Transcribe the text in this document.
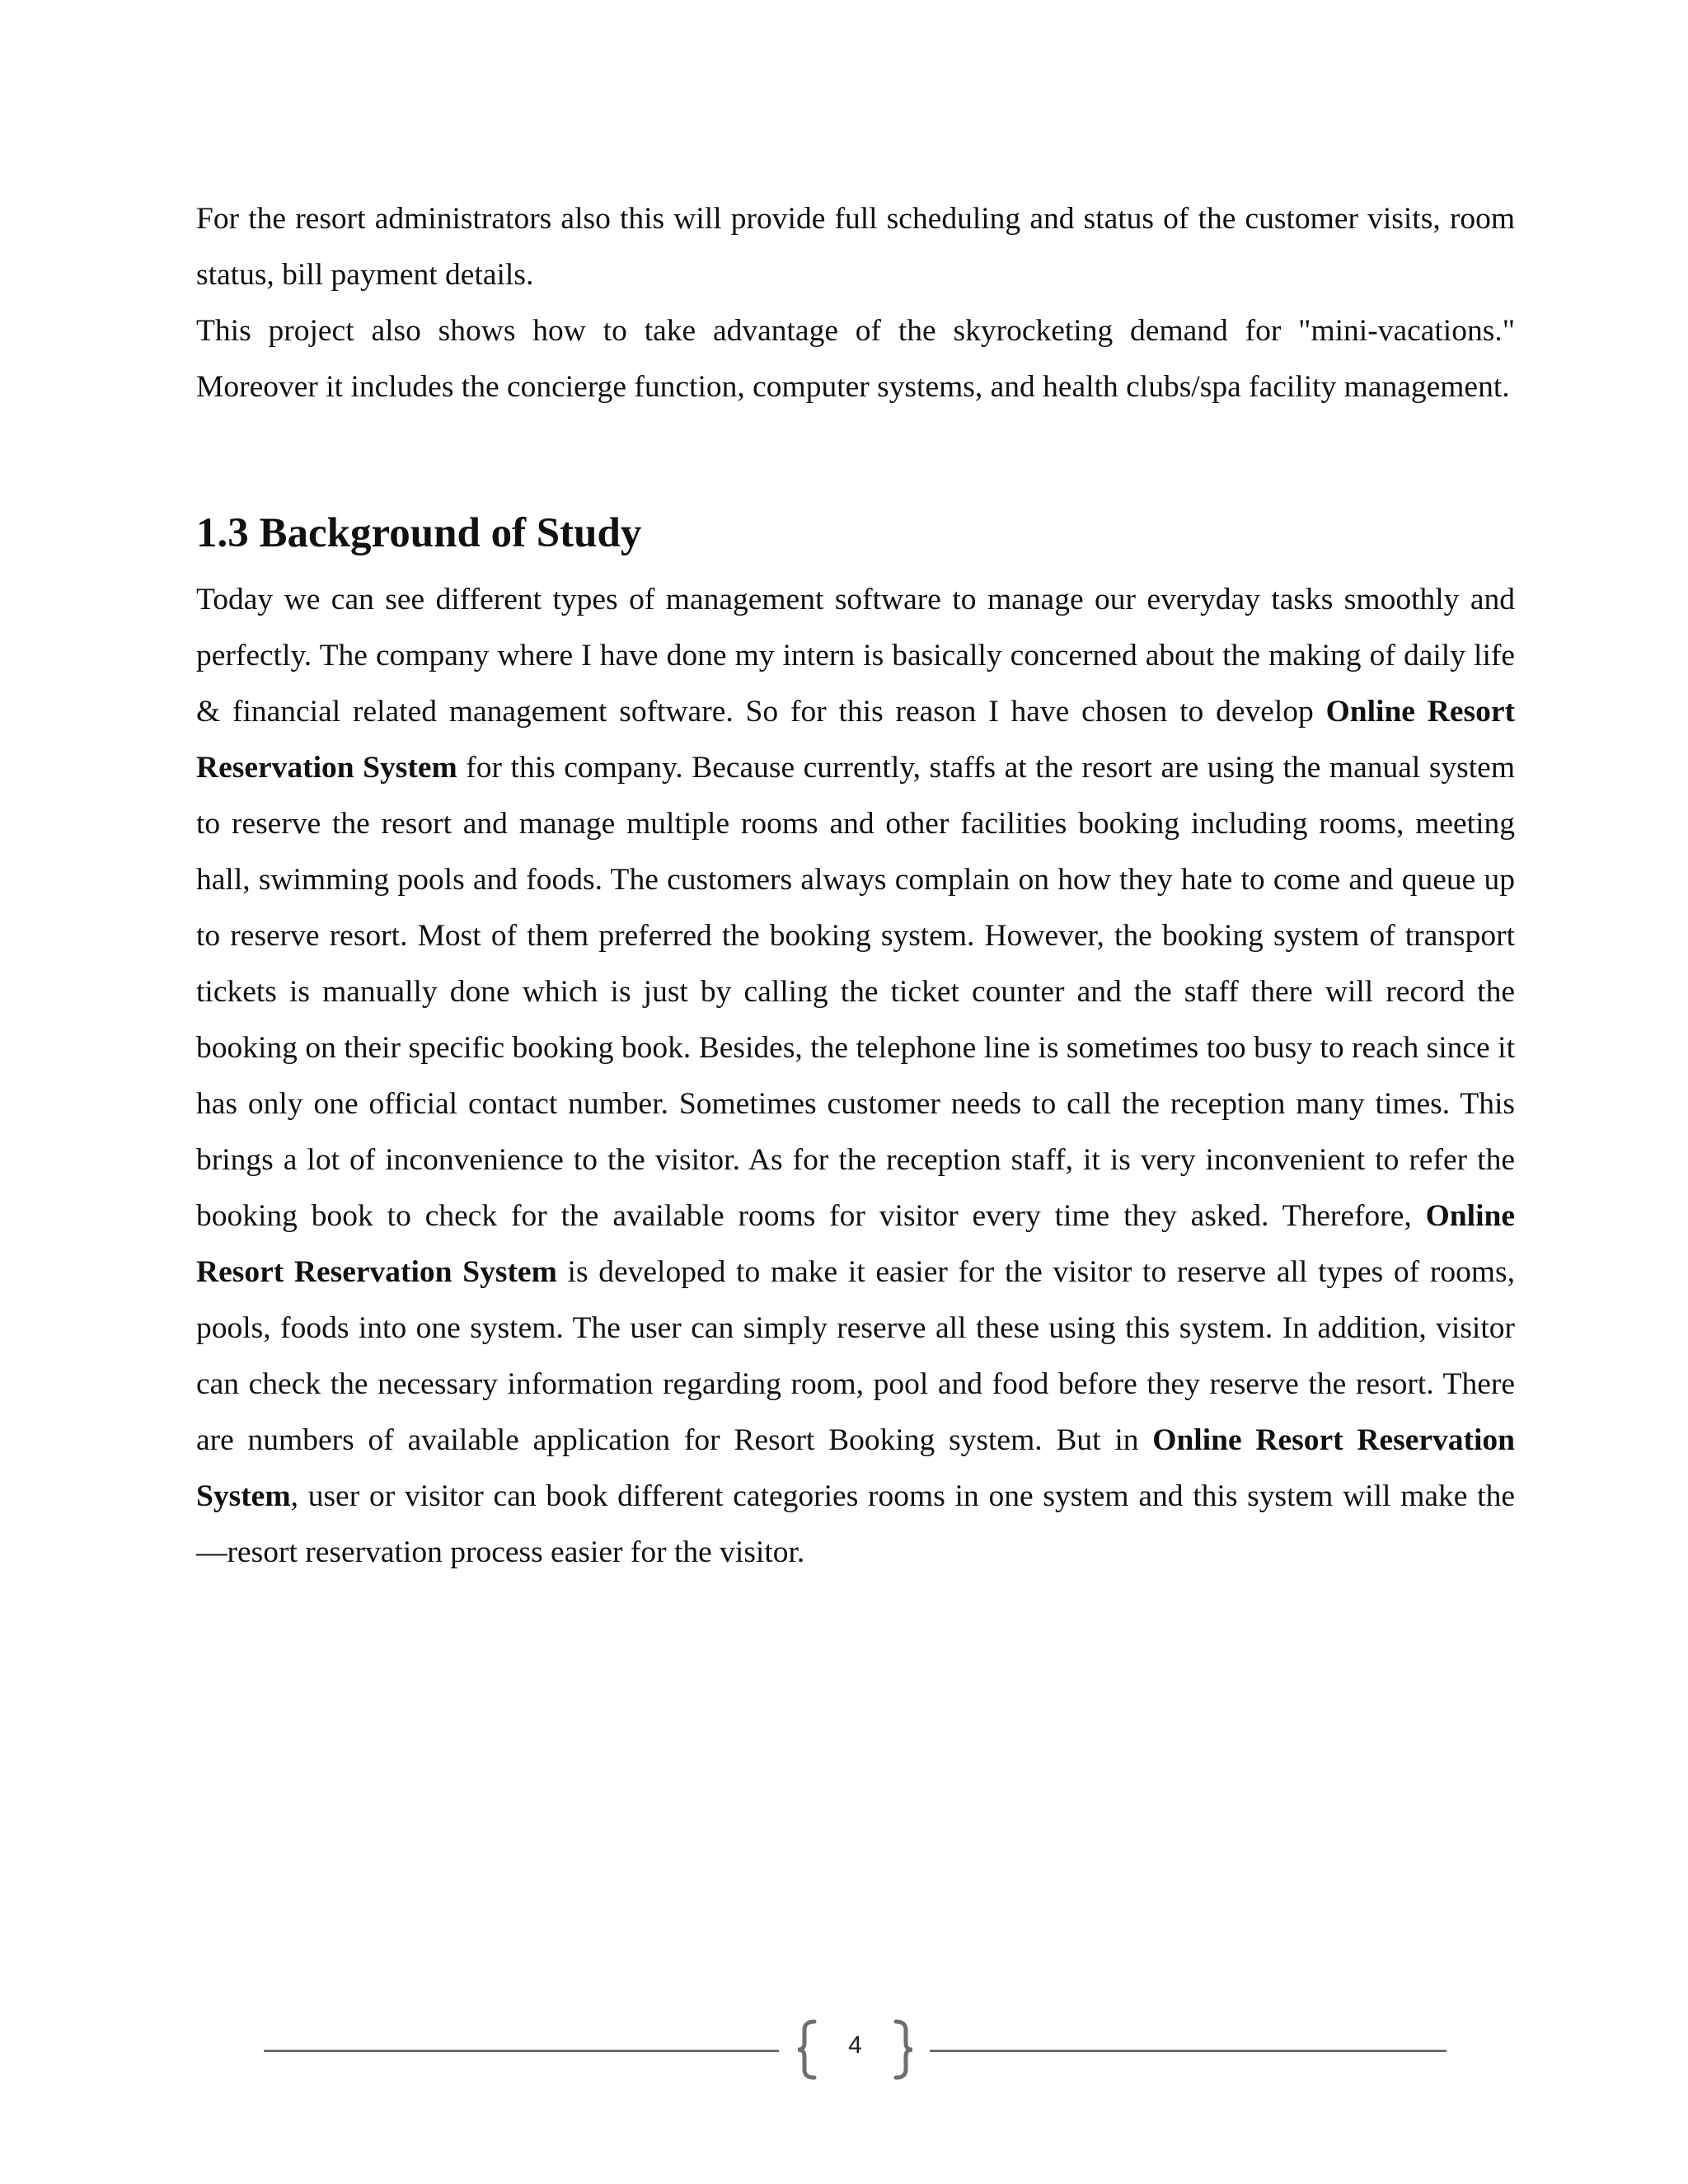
For the resort administrators also this will provide full scheduling and status of the customer visits, room status, bill payment details.

This project also shows how to take advantage of the skyrocketing demand for "mini-vacations." Moreover it includes the concierge function, computer systems, and health clubs/spa facility management.

1.3 Background of Study

Today we can see different types of management software to manage our everyday tasks smoothly and perfectly. The company where I have done my intern is basically concerned about the making of daily life & financial related management software. So for this reason I have chosen to develop Online Resort Reservation System for this company. Because currently, staffs at the resort are using the manual system to reserve the resort and manage multiple rooms and other facilities booking including rooms, meeting hall, swimming pools and foods. The customers always complain on how they hate to come and queue up to reserve resort. Most of them preferred the booking system. However, the booking system of transport tickets is manually done which is just by calling the ticket counter and the staff there will record the booking on their specific booking book. Besides, the telephone line is sometimes too busy to reach since it has only one official contact number. Sometimes customer needs to call the reception many times. This brings a lot of inconvenience to the visitor. As for the reception staff, it is very inconvenient to refer the booking book to check for the available rooms for visitor every time they asked. Therefore, Online Resort Reservation System is developed to make it easier for the visitor to reserve all types of rooms, pools, foods into one system. The user can simply reserve all these using this system. In addition, visitor can check the necessary information regarding room, pool and food before they reserve the resort. There are numbers of available application for Resort Booking system. But in Online Resort Reservation System, user or visitor can book different categories rooms in one system and this system will make the ―resort reservation process easier for the visitor.

4
